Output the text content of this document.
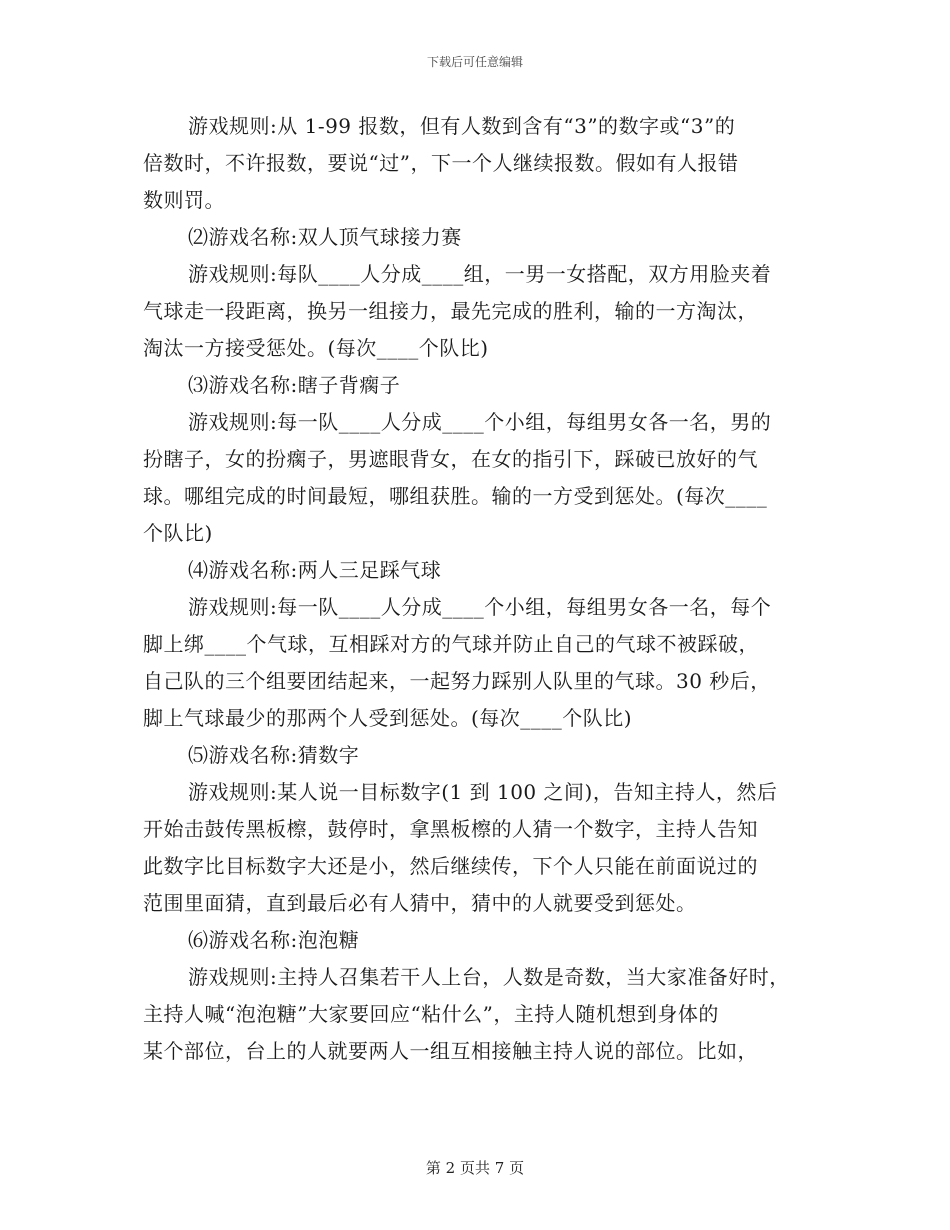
下载后可任意编辑
游戏规则:从 1-99 报数，但有人数到含有“3”的数字或“3”的
倍数时，不许报数，要说“过”，下一个人继续报数。假如有人报错
数则罚。
⑵游戏名称:双人顶气球接力赛
游戏规则:每队____人分成____组，一男一女搭配，双方用脸夹着
气球走一段距离，换另一组接力，最先完成的胜利，输的一方淘汰，
淘汰一方接受惩处。(每次____个队比)
⑶游戏名称:瞎子背瘸子
游戏规则:每一队____人分成____个小组，每组男女各一名，男的
扮瞎子，女的扮瘸子，男遮眼背女，在女的指引下，踩破已放好的气
球。哪组完成的时间最短，哪组获胜。输的一方受到惩处。(每次____
个队比)
⑷游戏名称:两人三足踩气球
游戏规则:每一队____人分成____个小组，每组男女各一名，每个
脚上绑____个气球，互相踩对方的气球并防止自己的气球不被踩破，
自己队的三个组要团结起来，一起努力踩别人队里的气球。30 秒后，
脚上气球最少的那两个人受到惩处。(每次____个队比)
⑸游戏名称:猜数字
游戏规则:某人说一目标数字(1 到 100 之间)，告知主持人，然后
开始击鼓传黑板檫，鼓停时，拿黑板檫的人猜一个数字，主持人告知
此数字比目标数字大还是小，然后继续传，下个人只能在前面说过的
范围里面猜，直到最后必有人猜中，猜中的人就要受到惩处。
⑹游戏名称:泡泡糖
游戏规则:主持人召集若干人上台，人数是奇数，当大家准备好时，
主持人喊“泡泡糖”大家要回应“粘什么”，主持人随机想到身体的
某个部位，台上的人就要两人一组互相接触主持人说的部位。比如，
第 2 页共 7 页
